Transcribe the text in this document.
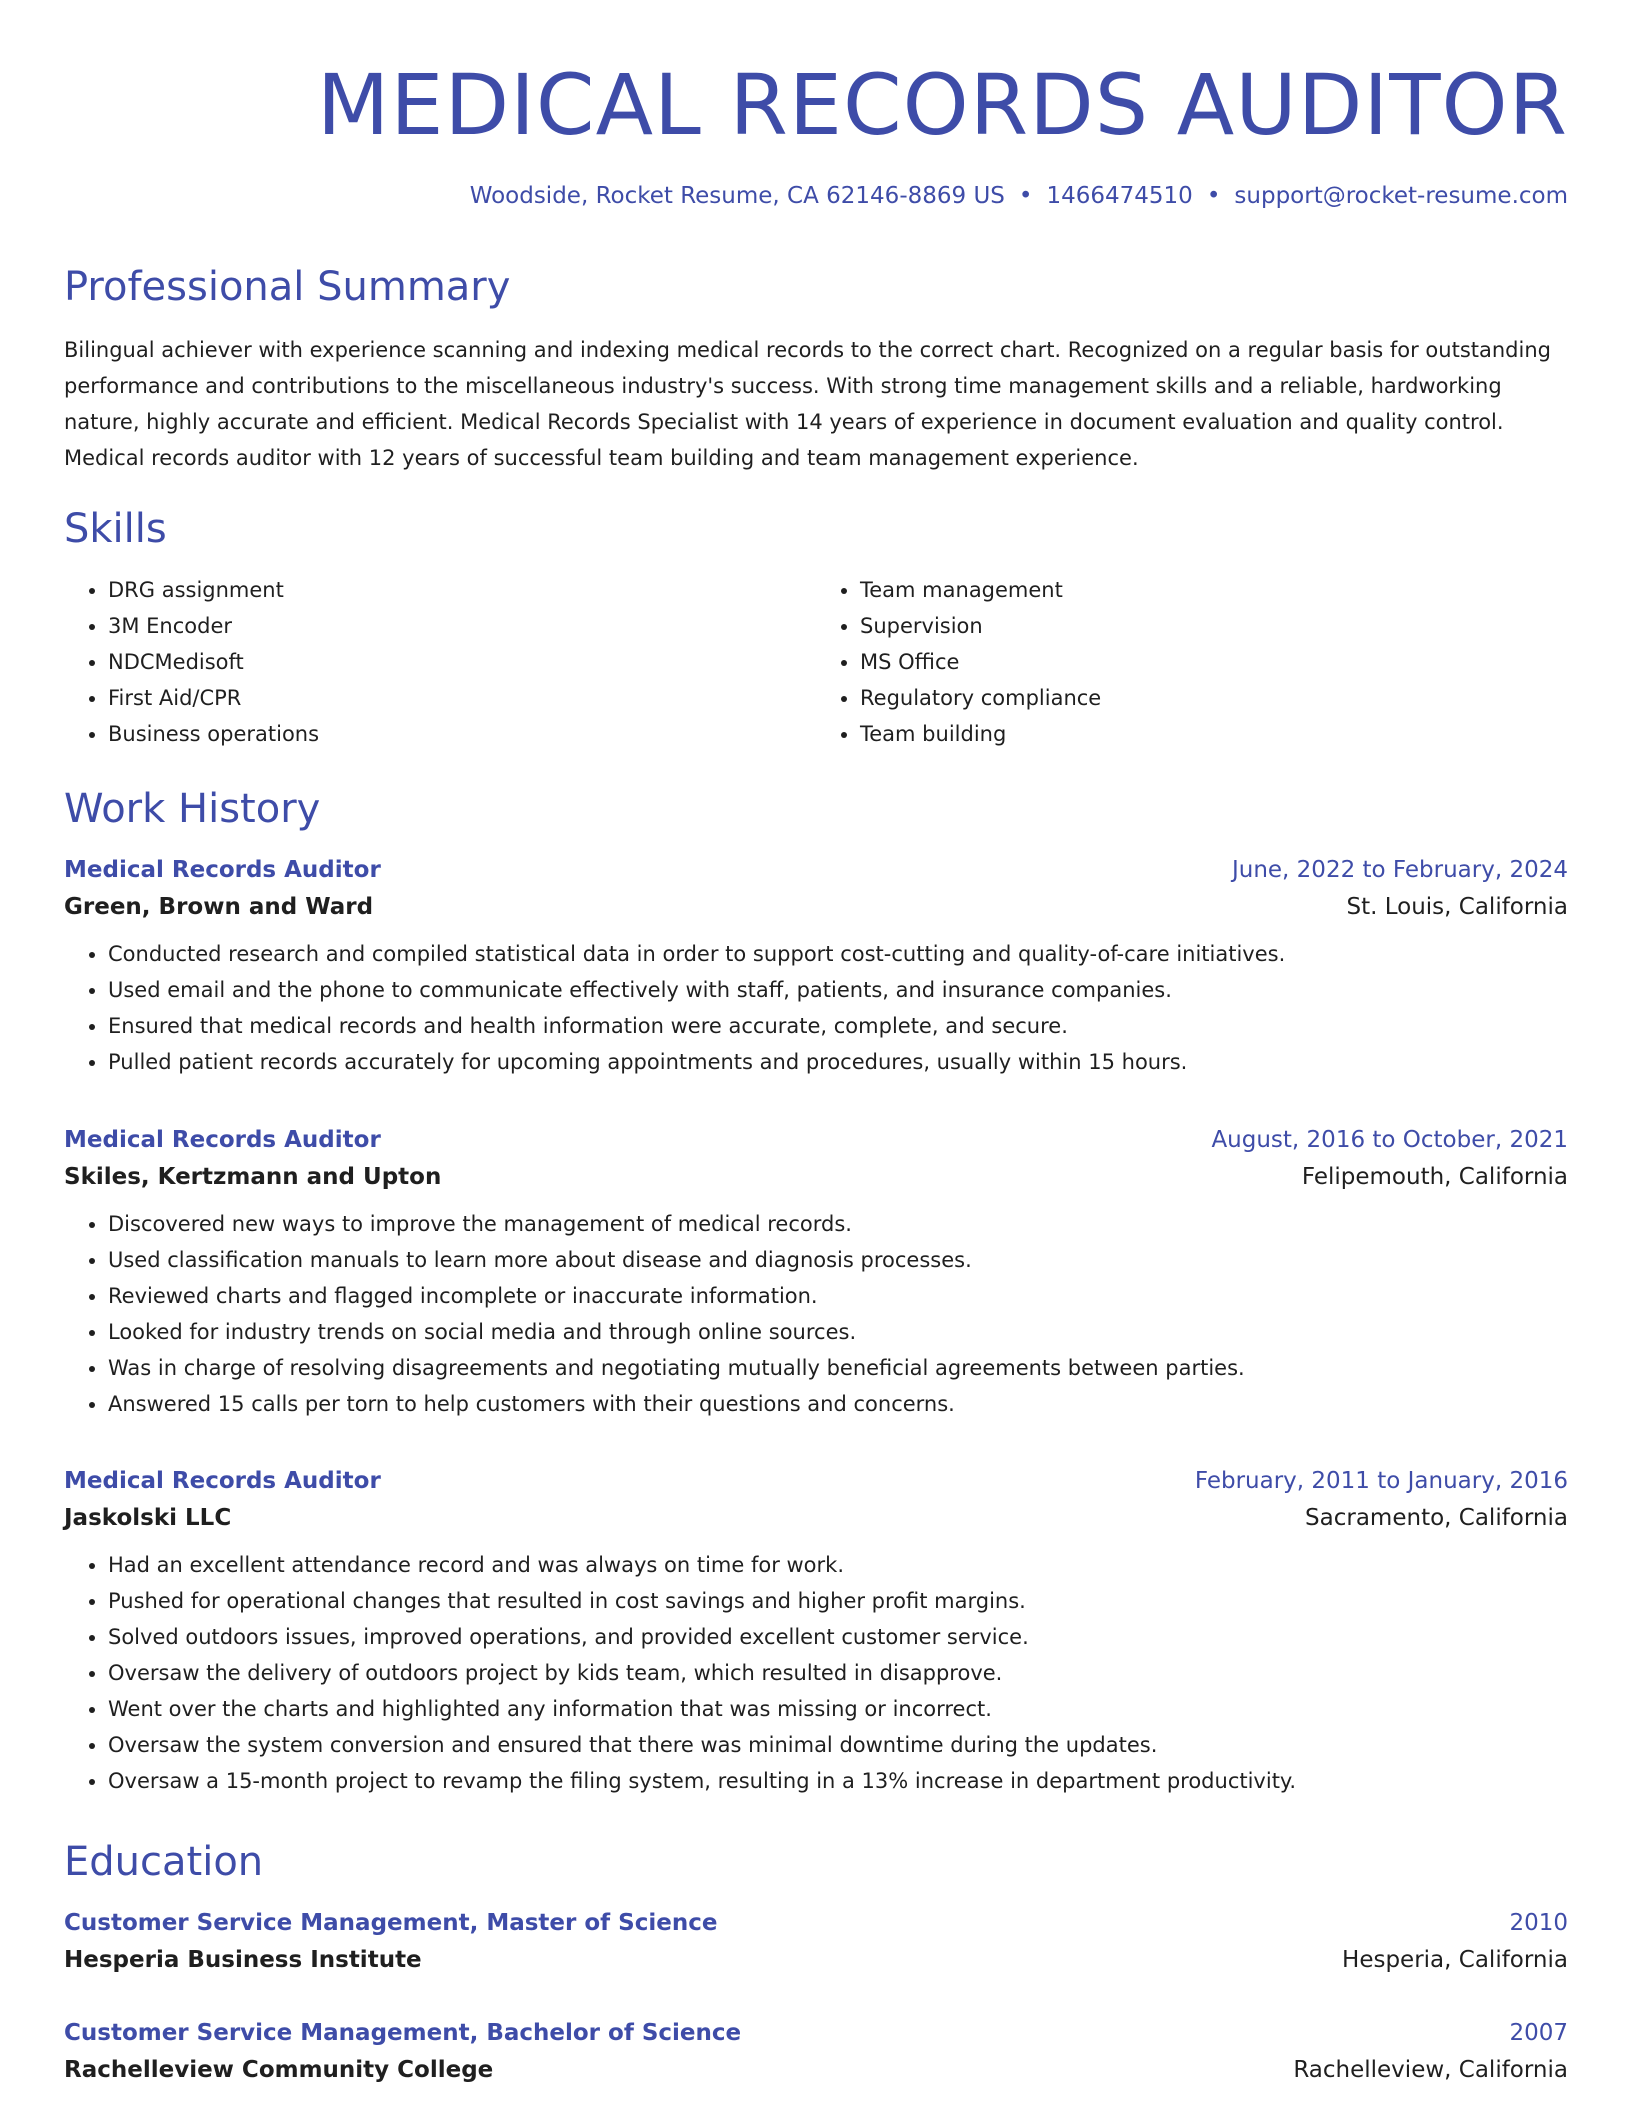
MEDICAL RECORDS AUDITOR
Woodside, Rocket Resume, CA 62146-8869 US • 1466474510 • support@rocket-resume.com
Professional Summary

Bilingual achiever with experience scanning and indexing medical records to the correct chart. Recognized on a regular basis for outstanding performance and contributions to the miscellaneous industry's success. With strong time management skills and a reliable, hardworking nature, highly accurate and efficient. Medical Records Specialist with 14 years of experience in document evaluation and quality control. Medical records auditor with 12 years of successful team building and team management experience.

Skills
• DRG assignment
• 3M Encoder
• NDCMedisoft
• First Aid/CPR
• Business operations
• Team management
• Supervision
• MS Office
• Regulatory compliance
• Team building
Work History
Medical Records Auditor	June, 2022 to February, 2024
Green, Brown and Ward	St. Louis, California
• Conducted research and compiled statistical data in order to support cost-cutting and quality-of-care initiatives.
• Used email and the phone to communicate effectively with staff, patients, and insurance companies.
• Ensured that medical records and health information were accurate, complete, and secure.
• Pulled patient records accurately for upcoming appointments and procedures, usually within 15 hours.
Medical Records Auditor	August, 2016 to October, 2021
Skiles, Kertzmann and Upton	Felipemouth, California
• Discovered new ways to improve the management of medical records.
• Used classification manuals to learn more about disease and diagnosis processes.
• Reviewed charts and flagged incomplete or inaccurate information.
• Looked for industry trends on social media and through online sources.
• Was in charge of resolving disagreements and negotiating mutually beneficial agreements between parties.
• Answered 15 calls per torn to help customers with their questions and concerns.
Medical Records Auditor	February, 2011 to January, 2016
Jaskolski LLC	Sacramento, California
• Had an excellent attendance record and was always on time for work.
• Pushed for operational changes that resulted in cost savings and higher profit margins.
• Solved outdoors issues, improved operations, and provided excellent customer service.
• Oversaw the delivery of outdoors project by kids team, which resulted in disapprove.
• Went over the charts and highlighted any information that was missing or incorrect.
• Oversaw the system conversion and ensured that there was minimal downtime during the updates.
• Oversaw a 15-month project to revamp the filing system, resulting in a 13% increase in department productivity.
Education
Customer Service Management, Master of Science	2010
Hesperia Business Institute	Hesperia, California
Customer Service Management, Bachelor of Science	2007
Rachelleview Community College	Rachelleview, California
